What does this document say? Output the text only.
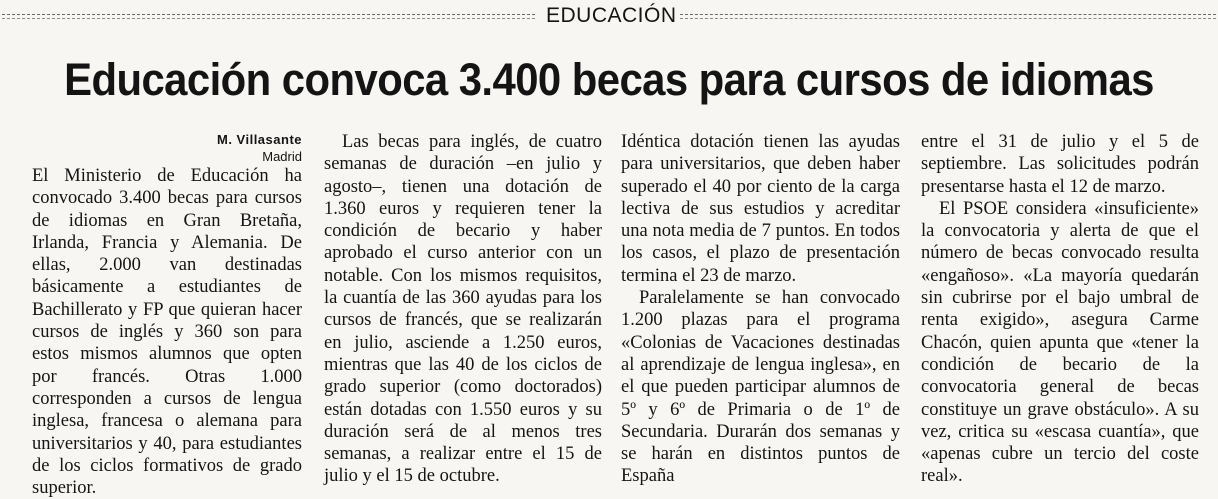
EDUCACIÓN
Educación convoca 3.400 becas para cursos de idiomas

M. Villasante

Madrid

El Ministerio de Educación ha convocado 3.400 becas para cursos de idiomas en Gran Bretaña, Irlanda, Francia y Alemania. De ellas, 2.000 van destinadas básicamente a estudiantes de Bachillerato y FP que quieran hacer cursos de inglés y 360 son para estos mismos alumnos que opten por francés. Otras 1.000 corresponden a cursos de lengua inglesa, francesa o alemana para universitarios y 40, para estudiantes de los ciclos formativos de grado superior.

Las becas para inglés, de cuatro semanas de duración –en julio y agosto–, tienen una dotación de 1.360 euros y requieren tener la condición de becario y haber aprobado el curso anterior con un notable. Con los mismos requisitos, la cuantía de las 360 ayudas para los cursos de francés, que se realizarán en julio, asciende a 1.250 euros, mientras que las 40 de los ciclos de grado superior (como doctorados) están dotadas con 1.550 euros y su duración será de al menos tres semanas, a realizar entre el 15 de julio y el 15 de octubre.

Idéntica dotación tienen las ayudas para universitarios, que deben haber superado el 40 por ciento de la carga lectiva de sus estudios y acreditar una nota media de 7 puntos. En todos los casos, el plazo de presentación termina el 23 de marzo.

Paralelamente se han convocado 1.200 plazas para el programa «Colonias de Vacaciones destinadas al aprendizaje de lengua inglesa», en el que pueden participar alumnos de 5º y 6º de Primaria o de 1º de Secundaria. Durarán dos semanas y se harán en distintos puntos de España

entre el 31 de julio y el 5 de septiembre. Las solicitudes podrán presentarse hasta el 12 de marzo.

El PSOE considera «insuficiente» la convocatoria y alerta de que el número de becas convocado resulta «engañoso». «La mayoría quedarán sin cubrirse por el bajo umbral de renta exigido», asegura Carme Chacón, quien apunta que «tener la condición de becario de la convocatoria general de becas constituye un grave obstáculo». A su vez, critica su «escasa cuantía», que «apenas cubre un tercio del coste real».
